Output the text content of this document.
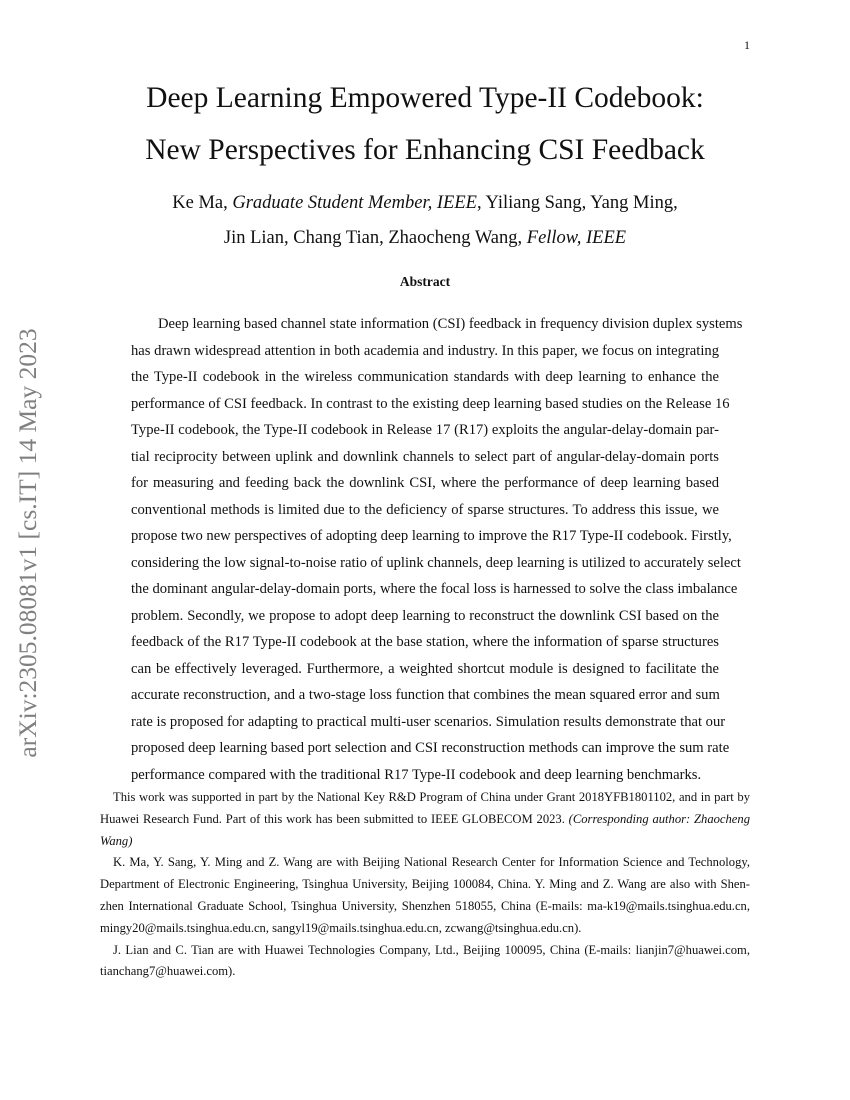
1
arXiv:2305.08081v1 [cs.IT] 14 May 2023
Deep Learning Empowered Type-II Codebook:
New Perspectives for Enhancing CSI Feedback
Ke Ma, Graduate Student Member, IEEE, Yiliang Sang, Yang Ming,
Jin Lian, Chang Tian, Zhaocheng Wang, Fellow, IEEE
Abstract
Deep learning based channel state information (CSI) feedback in frequency division duplex systems
has drawn widespread attention in both academia and industry. In this paper, we focus on integrating
the Type-II codebook in the wireless communication standards with deep learning to enhance the
performance of CSI feedback. In contrast to the existing deep learning based studies on the Release 16
Type-II codebook, the Type-II codebook in Release 17 (R17) exploits the angular-delay-domain par-
tial reciprocity between uplink and downlink channels to select part of angular-delay-domain ports
for measuring and feeding back the downlink CSI, where the performance of deep learning based
conventional methods is limited due to the deficiency of sparse structures. To address this issue, we
propose two new perspectives of adopting deep learning to improve the R17 Type-II codebook. Firstly,
considering the low signal-to-noise ratio of uplink channels, deep learning is utilized to accurately select
the dominant angular-delay-domain ports, where the focal loss is harnessed to solve the class imbalance
problem. Secondly, we propose to adopt deep learning to reconstruct the downlink CSI based on the
feedback of the R17 Type-II codebook at the base station, where the information of sparse structures
can be effectively leveraged. Furthermore, a weighted shortcut module is designed to facilitate the
accurate reconstruction, and a two-stage loss function that combines the mean squared error and sum
rate is proposed for adapting to practical multi-user scenarios. Simulation results demonstrate that our
proposed deep learning based port selection and CSI reconstruction methods can improve the sum rate
performance compared with the traditional R17 Type-II codebook and deep learning benchmarks.
This work was supported in part by the National Key R&D Program of China under Grant 2018YFB1801102, and in part by
Huawei Research Fund. Part of this work has been submitted to IEEE GLOBECOM 2023. (Corresponding author: Zhaocheng
Wang)
K. Ma, Y. Sang, Y. Ming and Z. Wang are with Beijing National Research Center for Information Science and Technology,
Department of Electronic Engineering, Tsinghua University, Beijing 100084, China. Y. Ming and Z. Wang are also with Shen-
zhen International Graduate School, Tsinghua University, Shenzhen 518055, China (E-mails: ma-k19@mails.tsinghua.edu.cn,
mingy20@mails.tsinghua.edu.cn, sangyl19@mails.tsinghua.edu.cn, zcwang@tsinghua.edu.cn).
J. Lian and C. Tian are with Huawei Technologies Company, Ltd., Beijing 100095, China (E-mails: lianjin7@huawei.com,
tianchang7@huawei.com).
